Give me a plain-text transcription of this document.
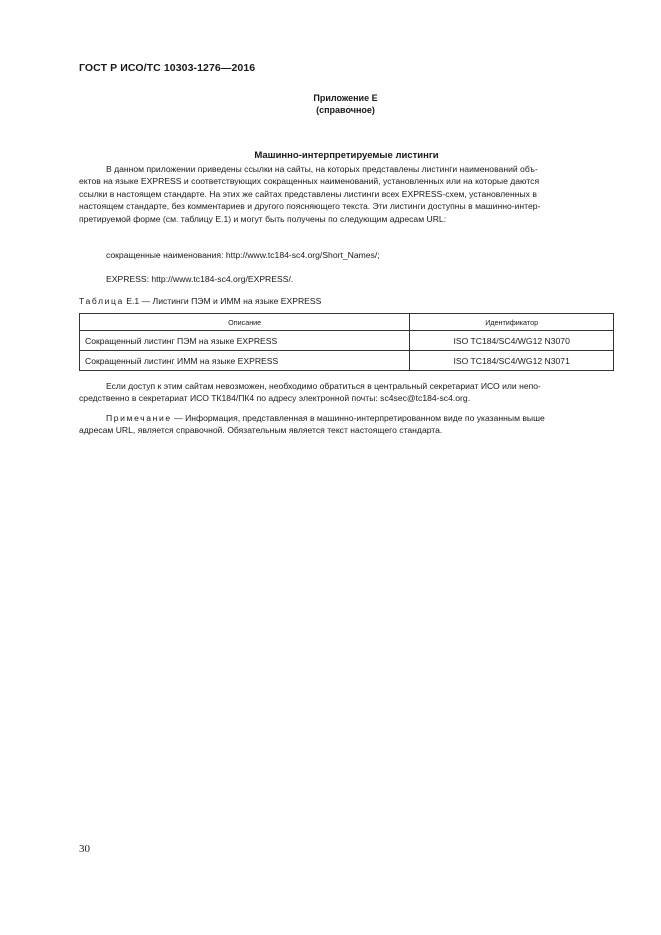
ГОСТ Р ИСО/ТС 10303-1276—2016
Приложение Е
(справочное)
Машинно-интерпретируемые листинги
В данном приложении приведены ссылки на сайты, на которых представлены листинги наименований объ-
ектов на языке EXPRESS и соответствующих сокращенных наименований, установленных или на которые даются
ссылки в настоящем стандарте. На этих же сайтах представлены листинги всех EXPRESS-схем, установленных в
настоящем стандарте, без комментариев и другого поясняющего текста. Эти листинги доступны в машинно-интер-
претируемой форме (см. таблицу Е.1) и могут быть получены по следующим адресам URL:
сокращенные наименования: http://www.tc184-sc4.org/Short_Names/;
EXPRESS: http://www.tc184-sc4.org/EXPRESS/.
Таблица Е.1 — Листинги ПЭМ и ИММ на языке EXPRESS
Описание	Идентификатор
Сокращенный листинг ПЭМ на языке EXPRESS	ISO TC184/SC4/WG12 N3070
Сокращенный листинг ИММ на языке EXPRESS	ISO TC184/SC4/WG12 N3071
Если доступ к этим сайтам невозможен, необходимо обратиться в центральный секретариат ИСО или непо-
средственно в секретариат ИСО ТК184/ПК4 по адресу электронной почты: sc4sec@tc184-sc4.org.
Примечание — Информация, представленная в машинно-интерпретированном виде по указанным выше
адресам URL, является справочной. Обязательным является текст настоящего стандарта.
30
